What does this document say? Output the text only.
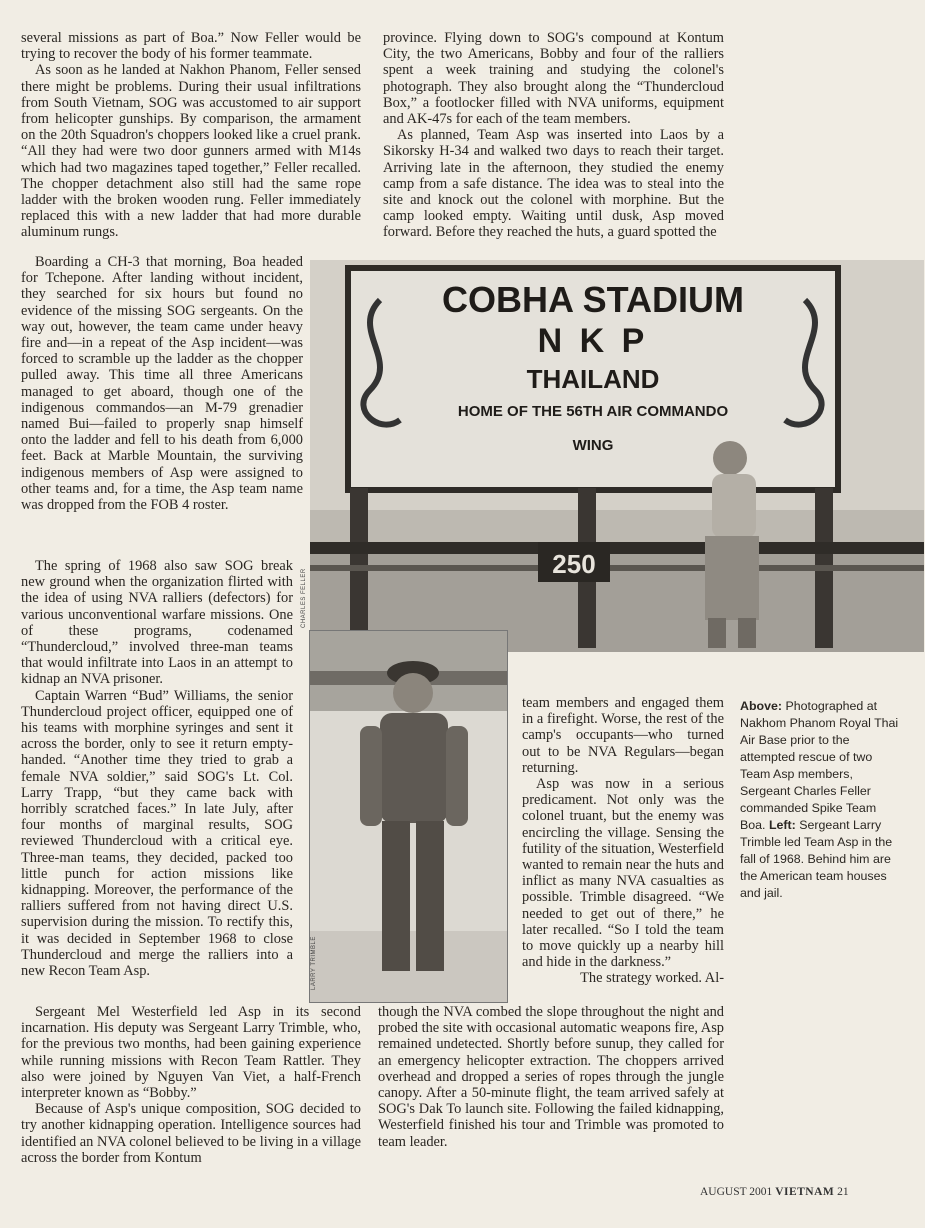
several missions as part of Boa.” Now Feller would be trying to recover the body of his former teammate.

As soon as he landed at Nakhon Phanom, Feller sensed there might be problems. During their usual infiltrations from South Vietnam, SOG was accustomed to air support from helicopter gunships. By comparison, the armament on the 20th Squadron's choppers looked like a cruel prank. “All they had were two door gunners armed with M14s which had two magazines taped together,” Feller recalled. The chopper detachment also still had the same rope ladder with the broken wooden rung. Feller immediately replaced this with a new ladder that had more durable aluminum rungs.

Boarding a CH-3 that morning, Boa headed for Tchepone. After landing without incident, they searched for six hours but found no evidence of the missing SOG sergeants. On the way out, however, the team came under heavy fire and—in a repeat of the Asp incident—was forced to scramble up the ladder as the chopper pulled away. This time all three Americans managed to get aboard, though one of the indigenous commandos—an M-79 grenadier named Bui—failed to properly snap himself onto the ladder and fell to his death from 6,000 feet. Back at Marble Mountain, the surviving indigenous members of Asp were assigned to other teams and, for a time, the Asp team name was dropped from the FOB 4 roster.

The spring of 1968 also saw SOG break new ground when the organization flirted with the idea of using NVA ralliers (defectors) for various unconventional warfare missions. One of these programs, codenamed “Thundercloud,” involved three-man teams that would infiltrate into Laos in an attempt to kidnap an NVA prisoner.

Captain Warren “Bud” Williams, the senior Thundercloud project officer, equipped one of his teams with morphine syringes and sent it across the border, only to see it return empty-handed. “Another time they tried to grab a female NVA soldier,” said SOG's Lt. Col. Larry Trapp, “but they came back with horribly scratched faces.” In late July, after four months of marginal results, SOG reviewed Thundercloud with a critical eye. Three-man teams, they decided, packed too little punch for action missions like kidnapping. Moreover, the performance of the ralliers suffered from not having direct U.S. supervision during the mission. To rectify this, it was decided in September 1968 to close Thundercloud and merge the ralliers into a new Recon Team Asp.

Sergeant Mel Westerfield led Asp in its second incarnation. His deputy was Sergeant Larry Trimble, who, for the previous two months, had been gaining experience while running missions with Recon Team Rattler. They also were joined by Nguyen Van Viet, a half-French interpreter known as “Bobby.”

Because of Asp's unique composition, SOG decided to try another kidnapping operation. Intelligence sources had identified an NVA colonel believed to be living in a village across the border from Kontum

province. Flying down to SOG's compound at Kontum City, the two Americans, Bobby and four of the ralliers spent a week training and studying the colonel's photograph. They also brought along the “Thundercloud Box,” a footlocker filled with NVA uniforms, equipment and AK-47s for each of the team members.

As planned, Team Asp was inserted into Laos by a Sikorsky H-34 and walked two days to reach their target. Arriving late in the afternoon, they studied the enemy camp from a safe distance. The idea was to steal into the site and knock out the colonel with morphine. But the camp looked empty. Waiting until dusk, Asp moved forward. Before they reached the huts, a guard spotted the

team members and engaged them in a firefight. Worse, the rest of the camp's occupants—who turned out to be NVA Regulars—began returning.

Asp was now in a serious predicament. Not only was the colonel truant, but the enemy was encircling the village. Sensing the futility of the situation, Westerfield wanted to remain near the huts and inflict as many NVA casualties as possible. Trimble disagreed. “We needed to get out of there,” he later recalled. “So I told the team to move quickly up a nearby hill and hide in the darkness.”

The strategy worked. Al-

though the NVA combed the slope throughout the night and probed the site with occasional automatic weapons fire, Asp remained undetected. Shortly before sunup, they called for an emergency helicopter extraction. The choppers arrived overhead and dropped a series of ropes through the jungle canopy. After a 50-minute flight, the team arrived safely at SOG's Dak To launch site. Following the failed kidnapping, Westerfield finished his tour and Trimble was promoted to team leader.

COBHA STADIUM
N K P
THAILAND
HOME OF THE 56TH AIR COMMANDO
WING
250
CHARLES FELLER
LARRY TRIMBLE
Above: Photographed at Nakhom Phanom Royal Thai Air Base prior to the attempted rescue of two Team Asp members, Sergeant Charles Feller commanded Spike Team Boa. Left: Sergeant Larry Trimble led Team Asp in the fall of 1968. Behind him are the American team houses and jail.
AUGUST 2001 VIETNAM 21
